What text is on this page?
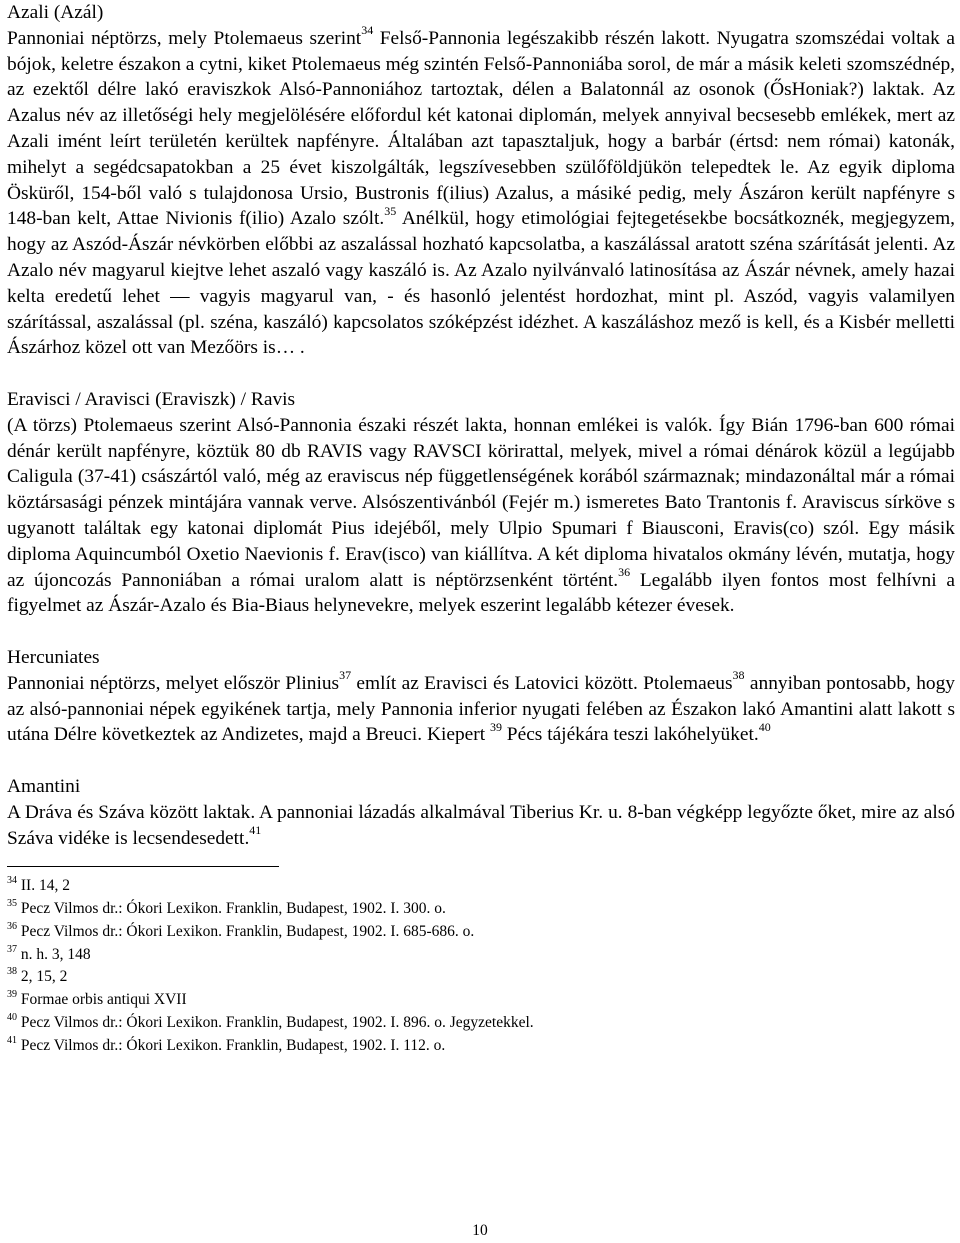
Azali (Azál)

Pannoniai néptörzs, mely Ptolemaeus szerint$^{34}$ Felső-Pannonia legészakibb részén lakott. Nyugatra szomszédai voltak a bójok, keletre északon a cytni, kiket Ptolemaeus még szintén Felső-Pannoniába sorol, de már a másik keleti szomszédnép, az ezektől délre lakó eraviszkok Alsó-Pannoniához tartoztak, délen a Balatonnál az osonok (ŐsHoniak?) laktak. Az Azalus név az illetőségi hely megjelölésére előfordul két katonai diplomán, melyek annyival becsesebb emlékek, mert az Azali imént leírt területén kerültek napfényre. Általában azt tapasztaljuk, hogy a barbár (értsd: nem római) katonák, mihelyt a segédcsapatokban a 25 évet kiszolgálták, legszívesebben szülőföldjükön telepedtek le. Az egyik diploma Ösküről, 154-ből való s tulajdonosa Ursio, Bustronis f(ilius) Azalus, a másiké pedig, mely Ászáron került napfényre s 148-ban kelt, Attae Nivionis f(ilio) Azalo szólt.$^{35}$ Anélkül, hogy etimológiai fejtegetésekbe bocsátkoznék, megjegyzem, hogy az Aszód-Ászár névkörben előbbi az aszalással hozható kapcsolatba, a kaszálással aratott széna szárítását jelenti. Az Azalo név magyarul kiejtve lehet aszaló vagy kaszáló is. Az Azalo nyilvánvaló latinosítása az Ászár névnek, amely hazai kelta eredetű lehet — vagyis magyarul van, - és hasonló jelentést hordozhat, mint pl. Aszód, vagyis valamilyen szárítással, aszalással (pl. széna, kaszáló) kapcsolatos szóképzést idézhet. A kaszáláshoz mező is kell, és a Kisbér melletti Ászárhoz közel ott van Mezőörs is… .

Eravisci / Aravisci (Eraviszk) / Ravis

(A törzs) Ptolemaeus szerint Alsó-Pannonia északi részét lakta, honnan emlékei is valók. Így Bián 1796-ban 600 római dénár került napfényre, köztük 80 db RAVIS vagy RAVSCI körirattal, melyek, mivel a római dénárok közül a legújabb Caligula (37-41) császártól való, még az eraviscus nép függetlenségének korából származnak; mindazonáltal már a római köztársasági pénzek mintájára vannak verve. Alsószentivánból (Fejér m.) ismeretes Bato Trantonis f. Araviscus sírköve s ugyanott találtak egy katonai diplomát Pius idejéből, mely Ulpio Spumari f Biausconi, Eravis(co) szól. Egy másik diploma Aquincumból Oxetio Naevionis f. Erav(isco) van kiállítva. A két diploma hivatalos okmány lévén, mutatja, hogy az újoncozás Pannoniában a római uralom alatt is néptörzsenként történt.$^{36}$ Legalább ilyen fontos most felhívni a figyelmet az Ászár-Azalo és Bia-Biaus helynevekre, melyek eszerint legalább kétezer évesek.

Hercuniates

Pannoniai néptörzs, melyet először Plinius$^{37}$ említ az Eravisci és Latovici között. Ptolemaeus$^{38}$ annyiban pontosabb, hogy az alsó-pannoniai népek egyikének tartja, mely Pannonia inferior nyugati felében az Északon lakó Amantini alatt lakott s utána Délre következtek az Andizetes, majd a Breuci. Kiepert $^{39}$ Pécs tájékára teszi lakóhelyüket.$^{40}$

Amantini

A Dráva és Száva között laktak. A pannoniai lázadás alkalmával Tiberius Kr. u. 8-ban végképp legyőzte őket, mire az alsó Száva vidéke is lecsendesedett.$^{41}$

$^{34}$ II. 14, 2

$^{35}$ Pecz Vilmos dr.: Ókori Lexikon. Franklin, Budapest, 1902. I. 300. o.

$^{36}$ Pecz Vilmos dr.: Ókori Lexikon. Franklin, Budapest, 1902. I. 685-686. o.

$^{37}$ n. h. 3, 148

$^{38}$ 2, 15, 2

$^{39}$ Formae orbis antiqui XVII

$^{40}$ Pecz Vilmos dr.: Ókori Lexikon. Franklin, Budapest, 1902. I. 896. o. Jegyzetekkel.

$^{41}$ Pecz Vilmos dr.: Ókori Lexikon. Franklin, Budapest, 1902. I. 112. o.

10
